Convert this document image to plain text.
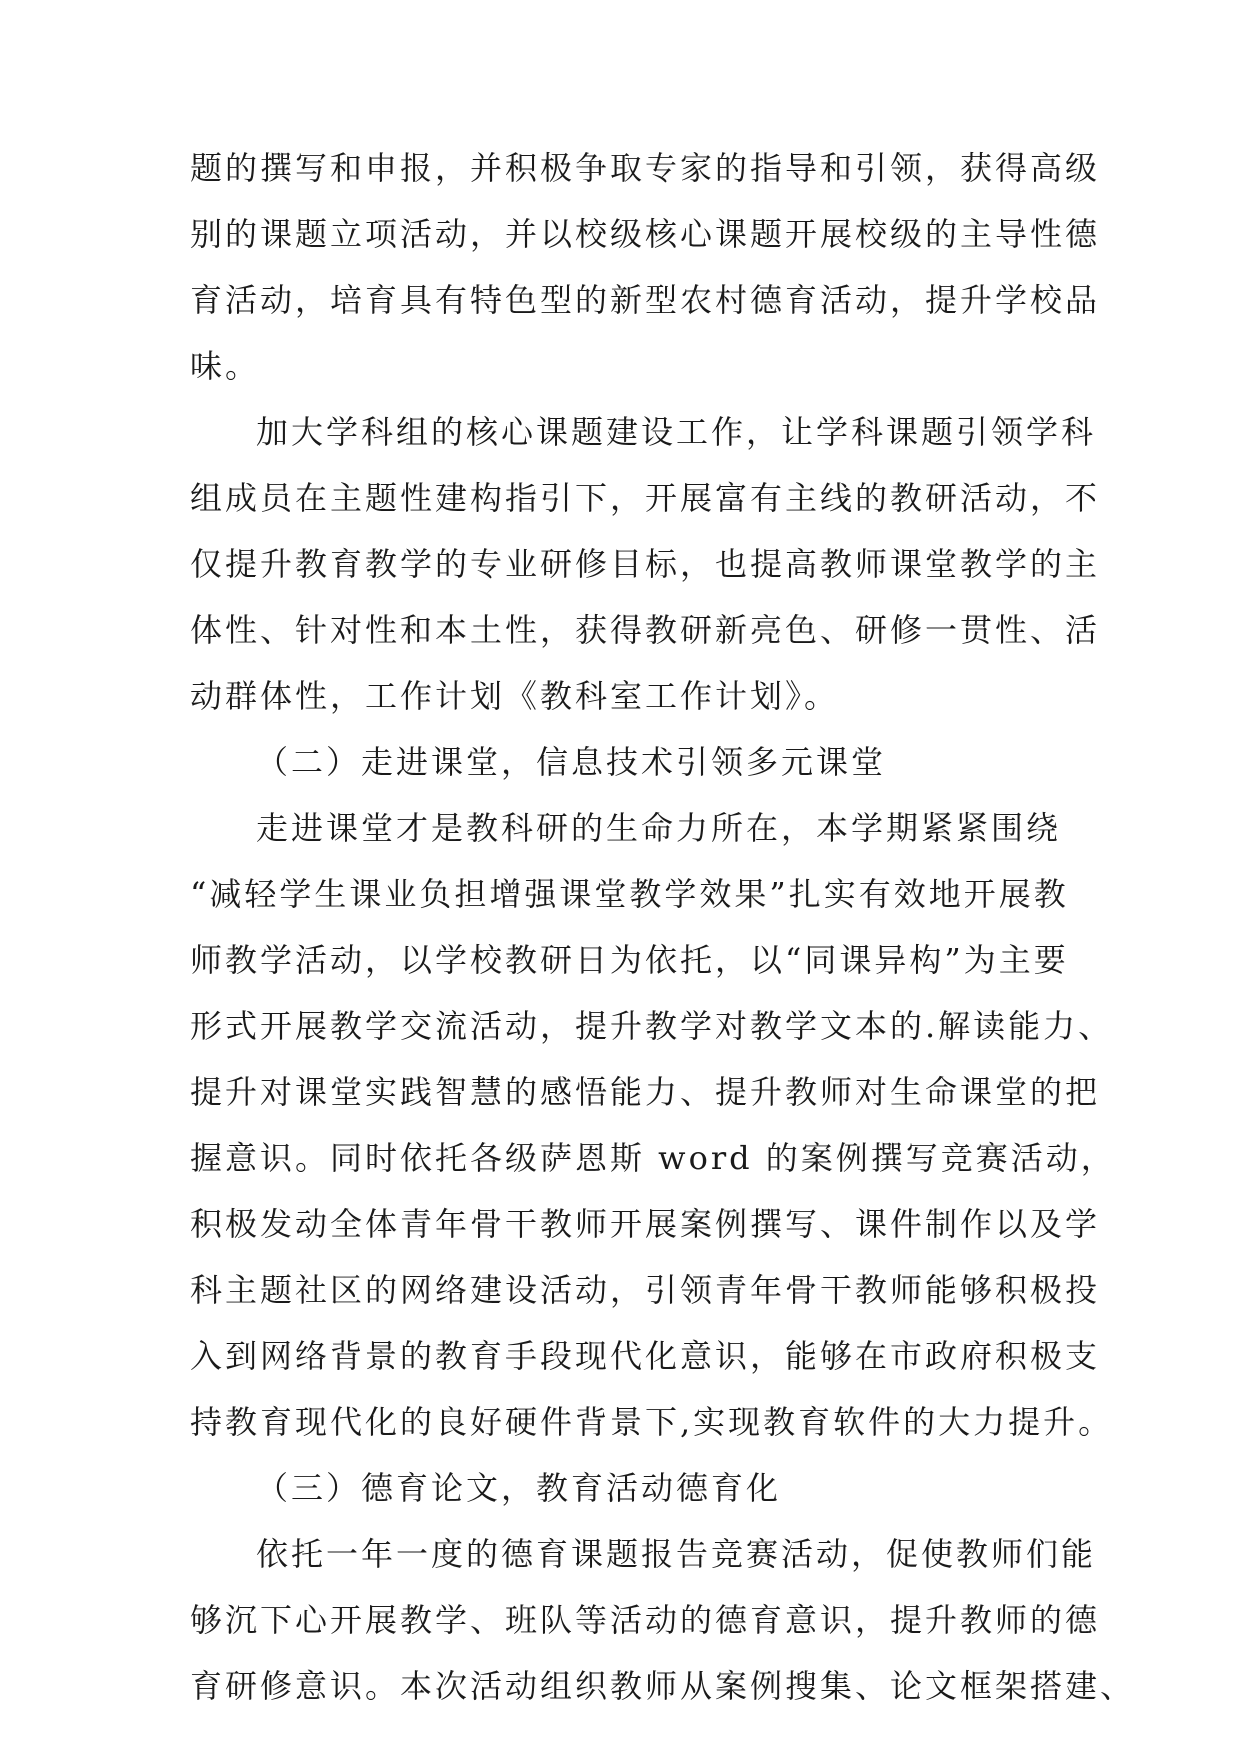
题的撰写和申报，并积极争取专家的指导和引领，获得高级
别的课题立项活动，并以校级核心课题开展校级的主导性德
育活动，培育具有特色型的新型农村德育活动，提升学校品
味。
加大学科组的核心课题建设工作，让学科课题引领学科
组成员在主题性建构指引下，开展富有主线的教研活动，不
仅提升教育教学的专业研修目标，也提高教师课堂教学的主
体性、针对性和本土性，获得教研新亮色、研修一贯性、活
动群体性，工作计划《教科室工作计划》。
（二）走进课堂，信息技术引领多元课堂
走进课堂才是教科研的生命力所在，本学期紧紧围绕
“减轻学生课业负担增强课堂教学效果”扎实有效地开展教
师教学活动，以学校教研日为依托，以“同课异构”为主要
形式开展教学交流活动，提升教学对教学文本的.解读能力、
提升对课堂实践智慧的感悟能力、提升教师对生命课堂的把
握意识。同时依托各级萨恩斯 word 的案例撰写竞赛活动，
积极发动全体青年骨干教师开展案例撰写、课件制作以及学
科主题社区的网络建设活动，引领青年骨干教师能够积极投
入到网络背景的教育手段现代化意识，能够在市政府积极支
持教育现代化的良好硬件背景下,实现教育软件的大力提升。
（三）德育论文，教育活动德育化
依托一年一度的德育课题报告竞赛活动，促使教师们能
够沉下心开展教学、班队等活动的德育意识，提升教师的德
育研修意识。本次活动组织教师从案例搜集、论文框架搭建、
